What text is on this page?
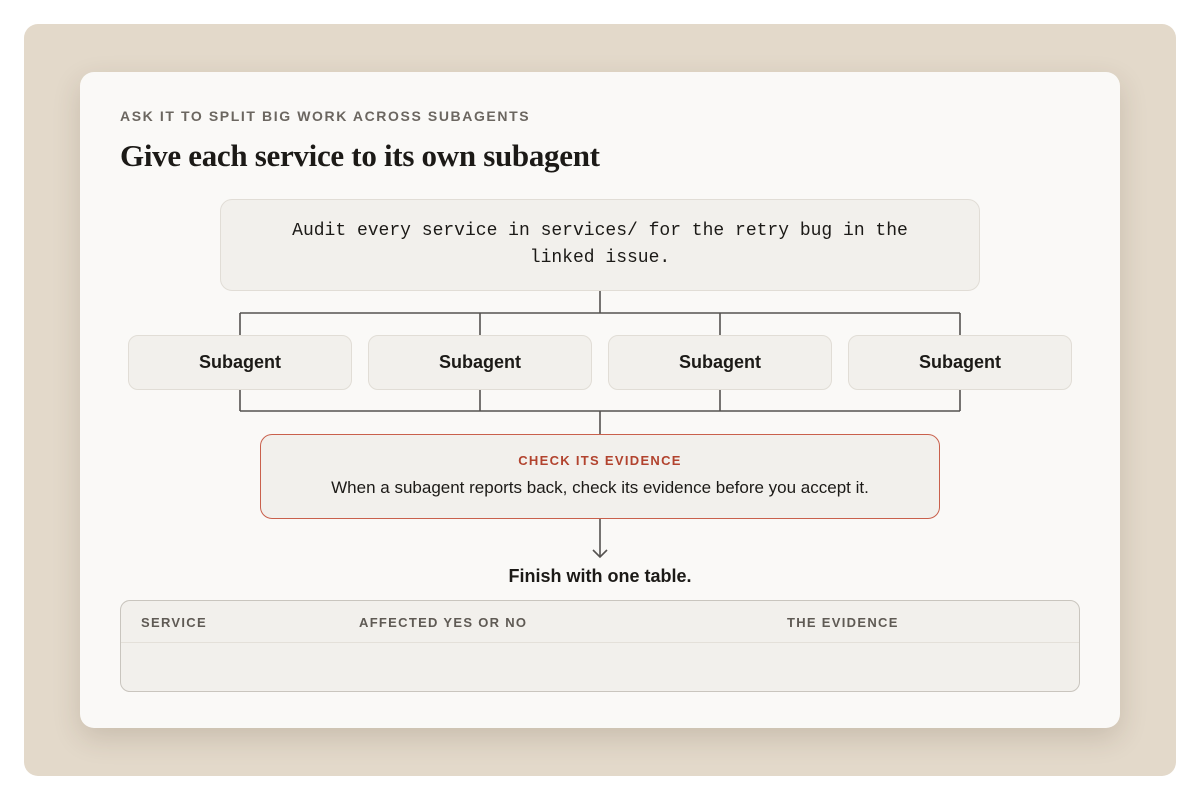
ASK IT TO SPLIT BIG WORK ACROSS SUBAGENTS
Give each service to its own subagent
Audit every service in services/ for the retry bug in the linked issue.
Subagent	Subagent	Subagent	Subagent
CHECK ITS EVIDENCE
When a subagent reports back, check its evidence before you accept it.
Finish with one table.
SERVICE	AFFECTED YES OR NO	THE EVIDENCE
